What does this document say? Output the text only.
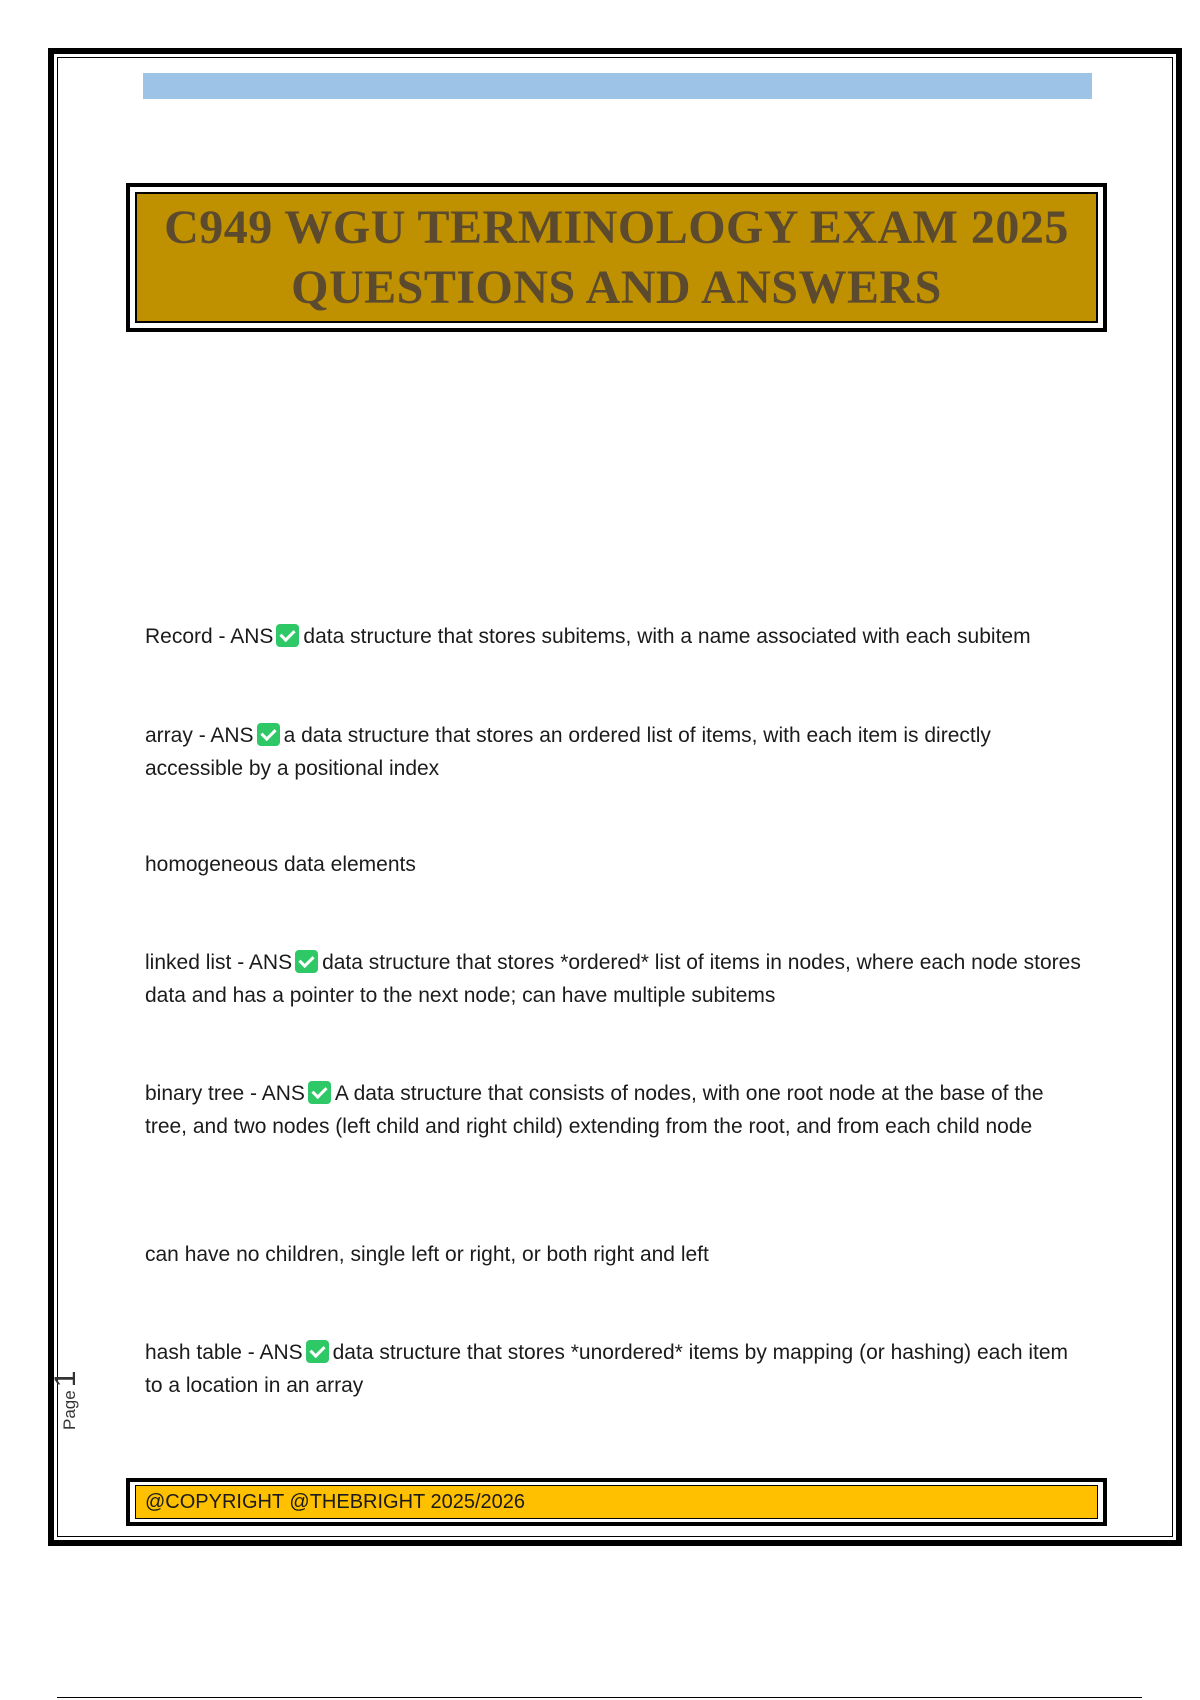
C949 WGU TERMINOLOGY EXAM 2025
QUESTIONS AND ANSWERS

Record - ANS data structure that stores subitems, with a name associated with each subitem

array - ANS a data structure that stores an ordered list of items, with each item is directly accessible by a positional index

homogeneous data elements

linked list - ANS data structure that stores *ordered* list of items in nodes, where each node stores data and has a pointer to the next node; can have multiple subitems

binary tree - ANS A data structure that consists of nodes, with one root node at the base of the tree, and two nodes (left child and right child) extending from the root, and from each child node

can have no children, single left or right, or both right and left

hash table - ANS data structure that stores *unordered* items by mapping (or hashing) each item to a location in an array

Page
1
@COPYRIGHT @THEBRIGHT 2025/2026
